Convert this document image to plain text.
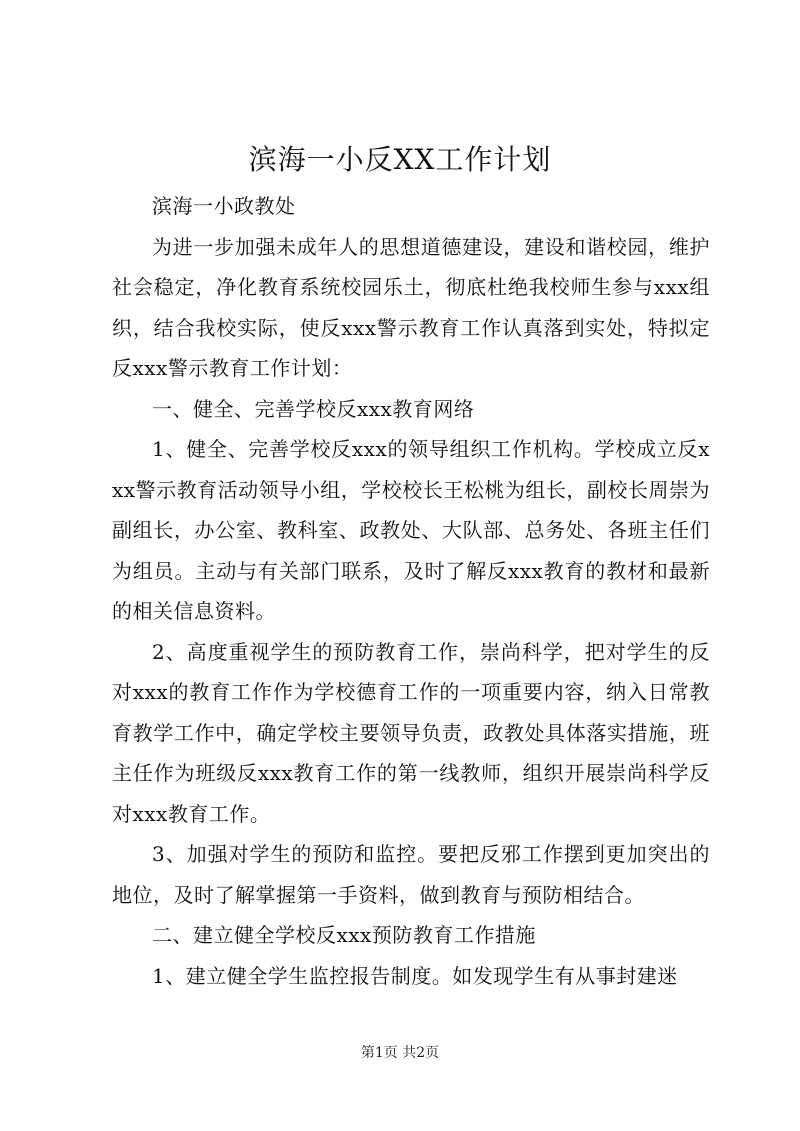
滨海一小反XX工作计划

滨海一小政教处

为进一步加强未成年人的思想道德建设，建设和谐校园，维护社会稳定，净化教育系统校园乐土，彻底杜绝我校师生参与xxx组织，结合我校实际，使反xxx警示教育工作认真落到实处，特拟定反xxx警示教育工作计划：

一、健全、完善学校反xxx教育网络

1、健全、完善学校反xxx的领导组织工作机构。学校成立反xxx警示教育活动领导小组，学校校长王松桃为组长，副校长周崇为副组长，办公室、教科室、政教处、大队部、总务处、各班主任们为组员。主动与有关部门联系，及时了解反xxx教育的教材和最新的相关信息资料。

2、高度重视学生的预防教育工作，崇尚科学，把对学生的反对xxx的教育工作作为学校德育工作的一项重要内容，纳入日常教育教学工作中，确定学校主要领导负责，政教处具体落实措施，班主任作为班级反xxx教育工作的第一线教师，组织开展崇尚科学反对xxx教育工作。

3、加强对学生的预防和监控。要把反邪工作摆到更加突出的地位，及时了解掌握第一手资料，做到教育与预防相结合。

二、建立健全学校反xxx预防教育工作措施

1、建立健全学生监控报告制度。如发现学生有从事封建迷

第1页 共2页
